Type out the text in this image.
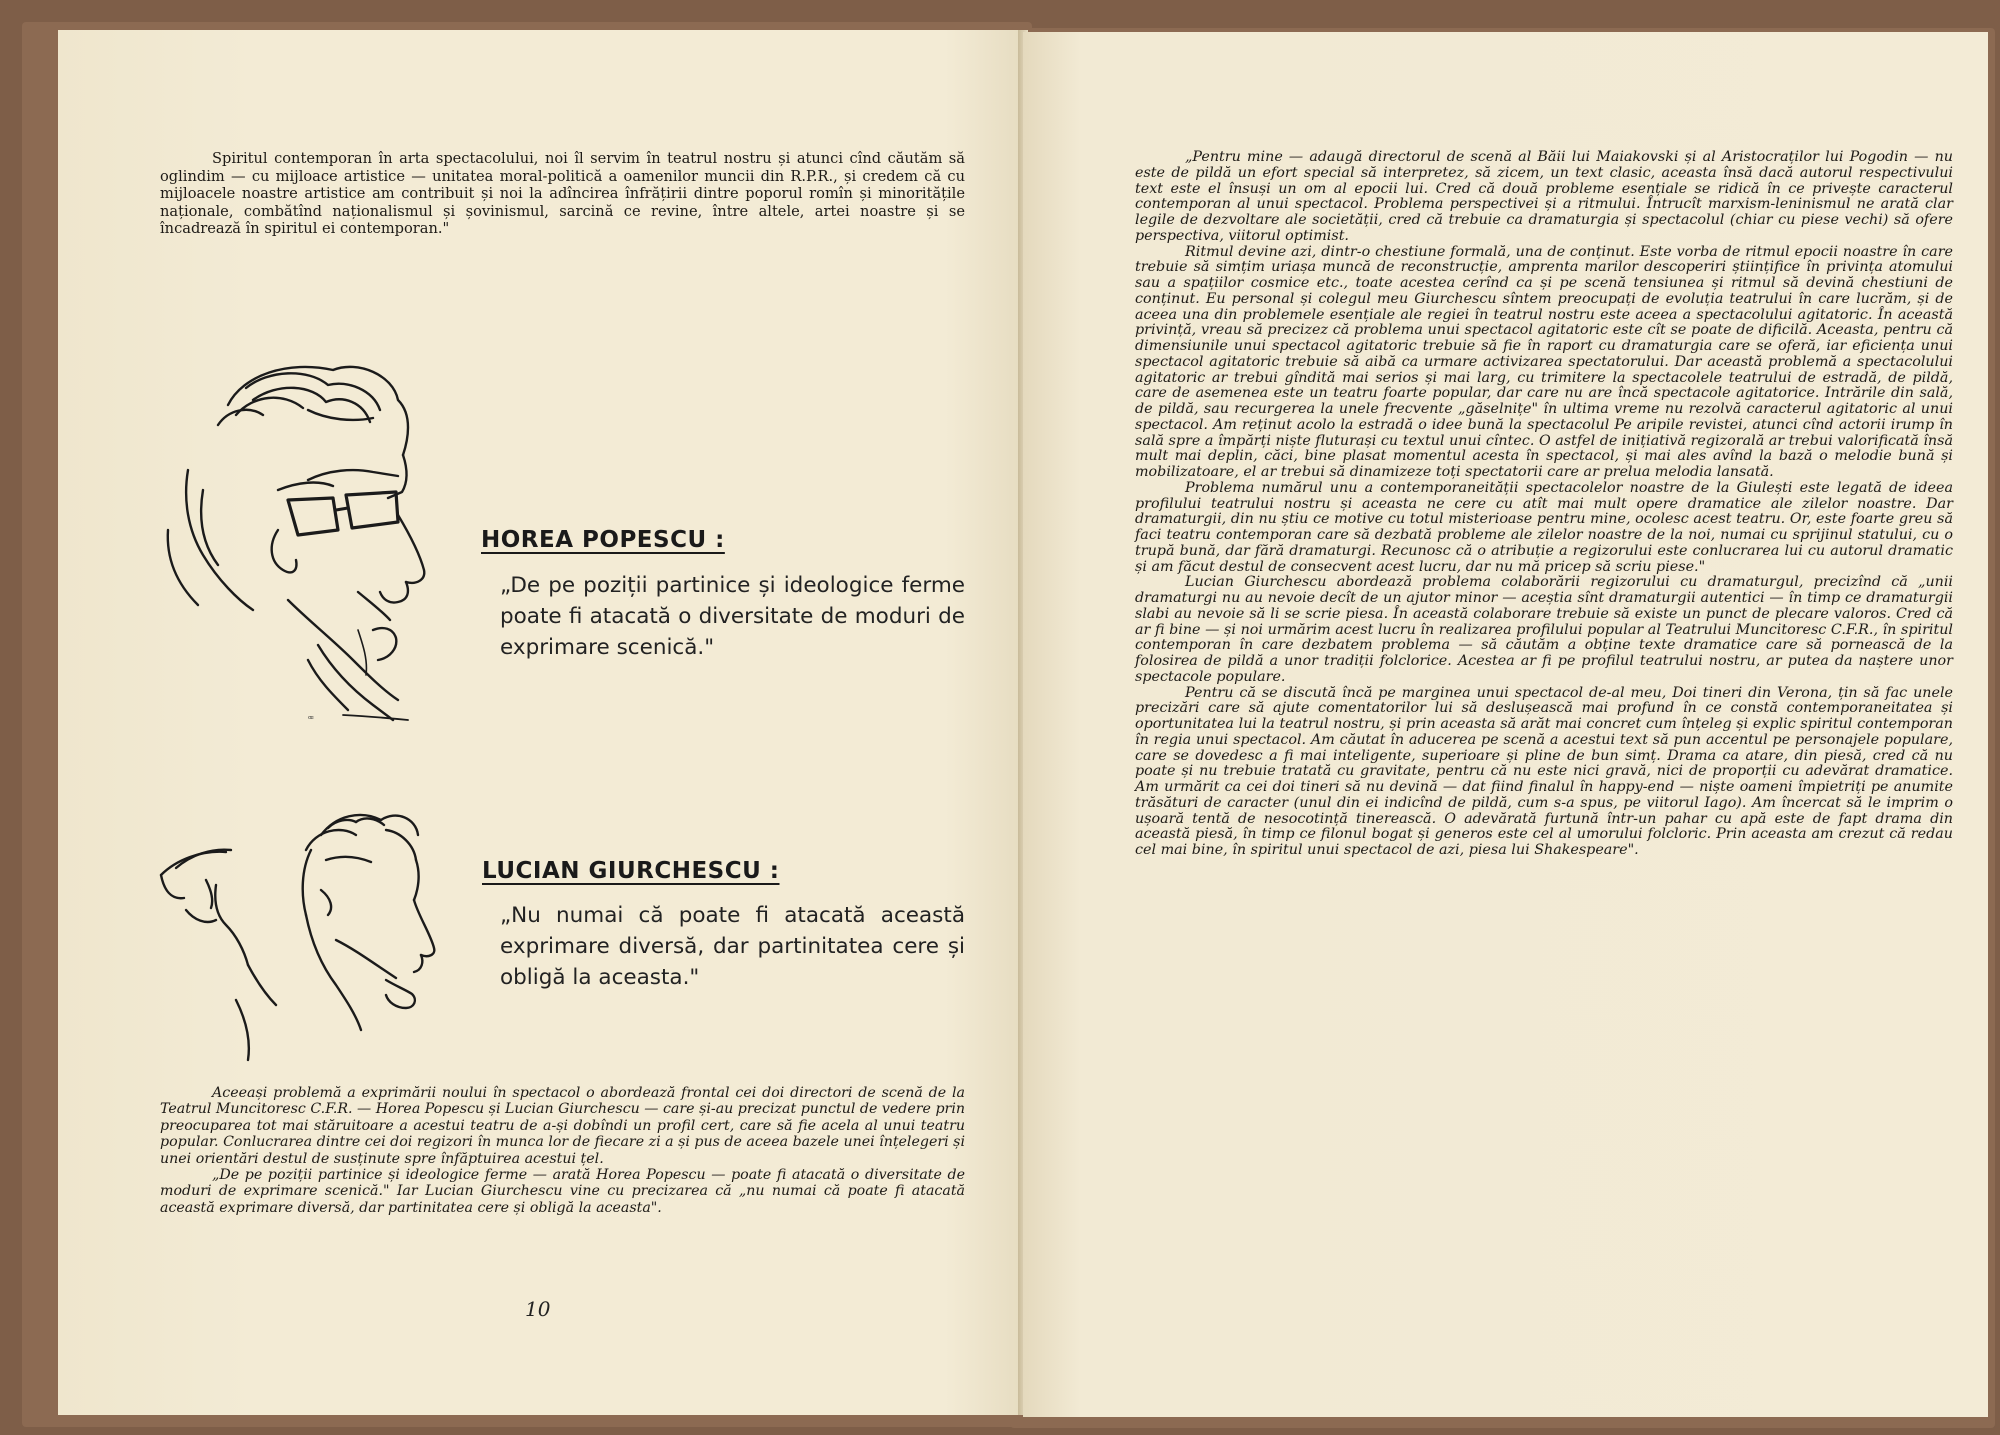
Spiritul contemporan în arta spectacolului, noi îl servim în teatrul nostru și atunci cînd căutăm să oglindim — cu mijloace artistice — unitatea moral-politică a oamenilor muncii din R.P.R., și credem că cu mijloacele noastre artistice am contribuit și noi la adîncirea înfrățirii dintre poporul romîn și minoritățile naționale, combătînd naționalismul și șovinismul, sarcină ce revine, între altele, artei noastre și se încadrează în spiritul ei contemporan."
ꟹ
HOREA POPESCU :
„De pe poziții partinice și ideologice ferme poate fi atacată o diversitate de moduri de exprimare scenică."
LUCIAN GIURCHESCU :
„Nu numai că poate fi atacată această exprimare diversă, dar partinitatea cere și obligă la aceasta."

Aceeași problemă a exprimării noului în spectacol o abordează frontal cei doi directori de scenă de la Teatrul Muncitoresc C.F.R. — Horea Popescu și Lucian Giurchescu — care și-au precizat punctul de vedere prin preocuparea tot mai stăruitoare a acestui teatru de a-și dobîndi un profil cert, care să fie acela al unui teatru popular. Conlucrarea dintre cei doi regizori în munca lor de fiecare zi a și pus de aceea bazele unei înțelegeri și unei orientări destul de susținute spre înfăptuirea acestui țel.

„De pe poziții partinice și ideologice ferme — arată Horea Popescu — poate fi atacată o diversitate de moduri de exprimare scenică." Iar Lucian Giurchescu vine cu precizarea că „nu numai că poate fi atacată această exprimare diversă, dar partinitatea cere și obligă la aceasta".

10

„Pentru mine — adaugă directorul de scenă al Băii lui Maiakovski și al Aristocraților lui Pogodin — nu este de pildă un efort special să interpretez, să zicem, un text clasic, aceasta însă dacă autorul respectivului text este el însuși un om al epocii lui. Cred că două probleme esențiale se ridică în ce privește caracterul contemporan al unui spectacol. Problema perspectivei și a ritmului. Întrucît marxism-leninismul ne arată clar legile de dezvoltare ale societății, cred că trebuie ca dramaturgia și spectacolul (chiar cu piese vechi) să ofere perspectiva, viitorul optimist.

Ritmul devine azi, dintr-o chestiune formală, una de conținut. Este vorba de ritmul epocii noastre în care trebuie să simțim uriașa muncă de reconstrucție, amprenta marilor descoperiri științifice în privința atomului sau a spațiilor cosmice etc., toate acestea cerînd ca și pe scenă tensiunea și ritmul să devină chestiuni de conținut. Eu personal și colegul meu Giurchescu sîntem preocupați de evoluția teatrului în care lucrăm, și de aceea una din problemele esențiale ale regiei în teatrul nostru este aceea a spectacolului agitatoric. În această privință, vreau să precizez că problema unui spectacol agitatoric este cît se poate de dificilă. Aceasta, pentru că dimensiunile unui spectacol agitatoric trebuie să fie în raport cu dramaturgia care se oferă, iar eficiența unui spectacol agitatoric trebuie să aibă ca urmare activizarea spectatorului. Dar această problemă a spectacolului agitatoric ar trebui gîndită mai serios și mai larg, cu trimitere la spectacolele teatrului de estradă, de pildă, care de asemenea este un teatru foarte popular, dar care nu are încă spectacole agitatorice. Intrările din sală, de pildă, sau recurgerea la unele frecvente „găselnițe" în ultima vreme nu rezolvă caracterul agitatoric al unui spectacol. Am reținut acolo la estradă o idee bună la spectacolul Pe aripile revistei, atunci cînd actorii irump în sală spre a împărți niște fluturași cu textul unui cîntec. O astfel de inițiativă regizorală ar trebui valorificată însă mult mai deplin, căci, bine plasat momentul acesta în spectacol, și mai ales avînd la bază o melodie bună și mobilizatoare, el ar trebui să dinamizeze toți spectatorii care ar prelua melodia lansată.

Problema numărul unu a contemporaneității spectacolelor noastre de la Giulești este legată de ideea profilului teatrului nostru și aceasta ne cere cu atît mai mult opere dramatice ale zilelor noastre. Dar dramaturgii, din nu știu ce motive cu totul misterioase pentru mine, ocolesc acest teatru. Or, este foarte greu să faci teatru contemporan care să dezbată probleme ale zilelor noastre de la noi, numai cu sprijinul statului, cu o trupă bună, dar fără dramaturgi. Recunosc că o atribuție a regizorului este conlucrarea lui cu autorul dramatic și am făcut destul de consecvent acest lucru, dar nu mă pricep să scriu piese."

Lucian Giurchescu abordează problema colaborării regizorului cu dramaturgul, precizînd că „unii dramaturgi nu au nevoie decît de un ajutor minor — aceștia sînt dramaturgii autentici — în timp ce dramaturgii slabi au nevoie să li se scrie piesa. În această colaborare trebuie să existe un punct de plecare valoros. Cred că ar fi bine — și noi urmărim acest lucru în realizarea profilului popular al Teatrului Muncitoresc C.F.R., în spiritul contemporan în care dezbatem problema — să căutăm a obține texte dramatice care să pornească de la folosirea de pildă a unor tradiții folclorice. Acestea ar fi pe profilul teatrului nostru, ar putea da naștere unor spectacole populare.

Pentru că se discută încă pe marginea unui spectacol de-al meu, Doi tineri din Verona, țin să fac unele precizări care să ajute comentatorilor lui să deslușească mai profund în ce constă contemporaneitatea și oportunitatea lui la teatrul nostru, și prin aceasta să arăt mai concret cum înțeleg și explic spiritul contemporan în regia unui spectacol. Am căutat în aducerea pe scenă a acestui text să pun accentul pe personajele populare, care se dovedesc a fi mai inteligente, superioare și pline de bun simț. Drama ca atare, din piesă, cred că nu poate și nu trebuie tratată cu gravitate, pentru că nu este nici gravă, nici de proporții cu adevărat dramatice. Am urmărit ca cei doi tineri să nu devină — dat fiind finalul în happy-end — niște oameni împietriți pe anumite trăsături de caracter (unul din ei indicînd de pildă, cum s-a spus, pe viitorul Iago). Am încercat să le imprim o ușoară tentă de nesocotință tinerească. O adevărată furtună într-un pahar cu apă este de fapt drama din această piesă, în timp ce filonul bogat și generos este cel al umorului folcloric. Prin aceasta am crezut că redau cel mai bine, în spiritul unui spectacol de azi, piesa lui Shakespeare".
